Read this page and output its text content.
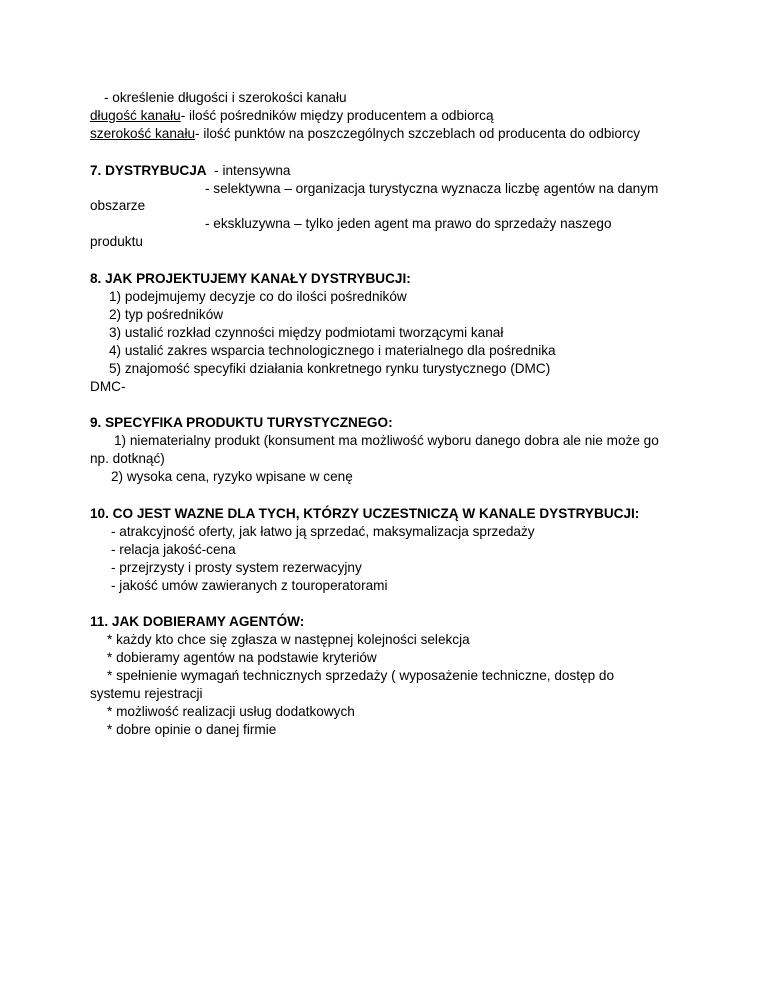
- określenie długości i szerokości kanału
długość kanału- ilość pośredników między producentem a odbiorcą
szerokość kanału- ilość punktów na poszczególnych szczeblach od producenta do odbiorcy
7. DYSTRYBUCJA - intensywna
- selektywna – organizacja turystyczna wyznacza liczbę agentów na danym
obszarze
- ekskluzywna – tylko jeden agent ma prawo do sprzedaży naszego
produktu
8. JAK PROJEKTUJEMY KANAŁY DYSTRYBUCJI:
1) podejmujemy decyzje co do ilości pośredników
2) typ pośredników
3) ustalić rozkład czynności między podmiotami tworzącymi kanał
4) ustalić zakres wsparcia technologicznego i materialnego dla pośrednika
5) znajomość specyfiki działania konkretnego rynku turystycznego (DMC)
DMC-
9. SPECYFIKA PRODUKTU TURYSTYCZNEGO:
1) niematerialny produkt (konsument ma możliwość wyboru danego dobra ale nie może go
np. dotknąć)
2) wysoka cena, ryzyko wpisane w cenę
10. CO JEST WAZNE DLA TYCH, KTÓRZY UCZESTNICZĄ W KANALE DYSTRYBUCJI:
- atrakcyjność oferty, jak łatwo ją sprzedać, maksymalizacja sprzedaży
- relacja jakość-cena
- przejrzysty i prosty system rezerwacyjny
- jakość umów zawieranych z touroperatorami
11. JAK DOBIERAMY AGENTÓW:
* każdy kto chce się zgłasza w następnej kolejności selekcja
* dobieramy agentów na podstawie kryteriów
* spełnienie wymagań technicznych sprzedaży ( wyposażenie techniczne, dostęp do
systemu rejestracji
* możliwość realizacji usług dodatkowych
* dobre opinie o danej firmie
